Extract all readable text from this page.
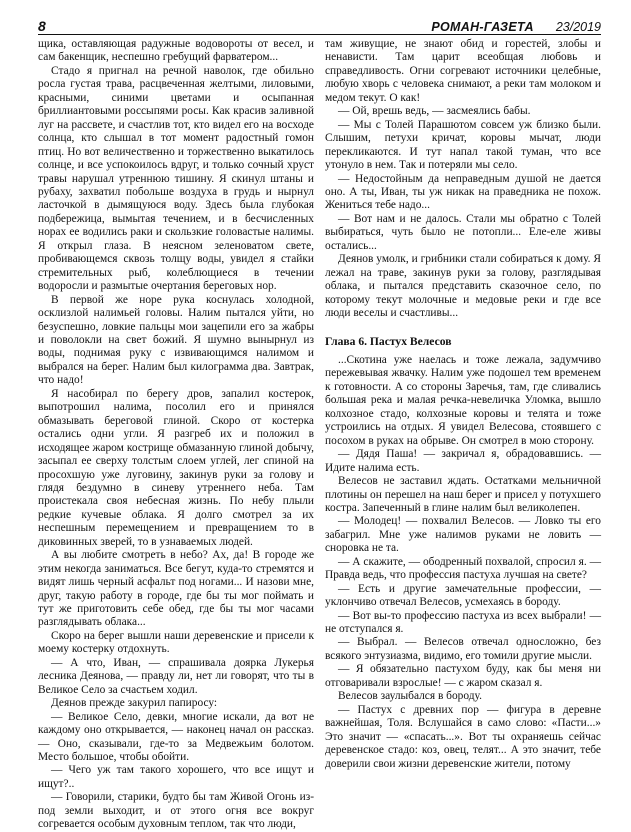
8	РОМАН-ГАЗЕТА 23/2019

щика, оставляющая радужные водовороты от весел, и сам бакенщик, неспешно гребущий фарватером...

Стадо я пригнал на речной наволок, где обильно росла густая трава, расцвеченная желтыми, лиловыми, красными, синими цветами и осыпанная бриллиантовыми россыпями росы. Как красив заливной луг на рассвете, и счастлив тот, кто видел его на восходе солнца, кто слышал в тот момент радостный гомон птиц. Но вот величественно и торжественно выкатилось солнце, и все успокоилось вдруг, и только сочный хруст травы нарушал утреннюю тишину. Я скинул штаны и рубаху, захватил побольше воздуха в грудь и нырнул ласточкой в дымящуюся воду. Здесь была глубокая подбережица, вымытая течением, и в бесчисленных норах ее водились раки и скользкие головастые налимы. Я открыл глаза. В неясном зеленоватом свете, пробивающемся сквозь толщу воды, увидел я стайки стремительных рыб, колеблющиеся в течении водоросли и размытые очертания береговых нор.

В первой же норе рука коснулась холодной, осклизлой налимьей головы. Налим пытался уйти, но безуспешно, ловкие пальцы мои зацепили его за жабры и поволокли на свет божий. Я шумно вынырнул из воды, поднимая руку с извивающимся налимом и выбрался на берег. Налим был килограмма два. Завтрак, что надо!

Я насобирал по берегу дров, запалил костерок, выпотрошил налима, посолил его и принялся обмазывать береговой глиной. Скоро от костерка остались одни угли. Я разгреб их и положил в исходящее жаром кострище обмазанную глиной добычу, засыпал ее сверху толстым слоем углей, лег спиной на просохшую уже луговину, закинув руки за голову и глядя бездумно в синеву утреннего неба. Там проистекала своя небесная жизнь. По небу плыли редкие кучевые облака. Я долго смотрел за их неспешным перемещением и превращением то в диковинных зверей, то в узнаваемых людей.

А вы любите смотреть в небо? Ах, да! В городе же этим некогда заниматься. Все бегут, куда-то стремятся и видят лишь черный асфальт под ногами... И назови мне, друг, такую работу в городе, где бы ты мог поймать и тут же приготовить себе обед, где бы ты мог часами разглядывать облака...

Скоро на берег вышли наши деревенские и присели к моему костерку отдохнуть.

— А что, Иван, — спрашивала доярка Лукерья лесника Деянова, — правду ли, нет ли говорят, что ты в Великое Село за счастьем ходил.

Деянов прежде закурил папиросу:

— Великое Село, девки, многие искали, да вот не каждому оно открывается, — наконец начал он рассказ. — Оно, сказывали, где-то за Медвежьим болотом. Место большое, чтобы обойти.

— Чего уж там такого хорошего, что все ищут и ищут?..

— Говорили, старики, будто бы там Живой Огонь из-под земли выходит, и от этого огня все вокруг согревается особым духовным теплом, так что люди,

там живущие, не знают обид и горестей, злобы и ненависти. Там царит всеобщая любовь и справедливость. Огни согревают источники целебные, любую хворь с человека снимают, а реки там молоком и медом текут. О как!

— Ой, врешь ведь, — засмеялись бабы.

— Мы с Толей Парашютом совсем уж близко были. Слышим, петухи кричат, коровы мычат, люди перекликаются. И тут напал такой туман, что все утонуло в нем. Так и потеряли мы село.

— Недостойным да неправедным душой не дается оно. А ты, Иван, ты уж никак на праведника не похож. Жениться тебе надо...

— Вот нам и не далось. Стали мы обратно с Толей выбираться, чуть было не потопли... Еле-еле живы остались...

Деянов умолк, и грибники стали собираться к дому. Я лежал на траве, закинув руки за голову, разглядывая облака, и пытался представить сказочное село, по которому текут молочные и медовые реки и где все люди веселы и счастливы...

Глава 6. Пастух Велесов

...Скотина уже наелась и тоже лежала, задумчиво пережевывая жвачку. Налим уже подошел тем временем к готовности. А со стороны Заречья, там, где сливались большая река и малая речка-невеличка Уломка, вышло колхозное стадо, колхозные коровы и телята и тоже устроились на отдых. Я увидел Велесова, стоявшего с посохом в руках на обрыве. Он смотрел в мою сторону.

— Дядя Паша! — закричал я, обрадовавшись. — Идите налима есть.

Велесов не заставил ждать. Остатками мельничной плотины он перешел на наш берег и присел у потухшего костра. Запеченный в глине налим был великолепен.

— Молодец! — похвалил Велесов. — Ловко ты его забагрил. Мне уже налимов руками не ловить — сноровка не та.

— А скажите, — ободренный похвалой, спросил я. — Правда ведь, что профессия пастуха лучшая на свете?

— Есть и другие замечательные профессии, — уклончиво отвечал Велесов, усмехаясь в бороду.

— Вот вы-то профессию пастуха из всех выбрали! — не отступался я.

— Выбрал. — Велесов отвечал односложно, без всякого энтузиазма, видимо, его томили другие мысли.

— Я обязательно пастухом буду, как бы меня ни отговаривали взрослые! — с жаром сказал я.

Велесов заулыбался в бороду.

— Пастух с древних пор — фигура в деревне важнейшая, Толя. Вслушайся в само слово: «Пасти...» Это значит — «спасать...». Вот ты охраняешь сейчас деревенское стадо: коз, овец, телят... А это значит, тебе доверили свои жизни деревенские жители, потому
